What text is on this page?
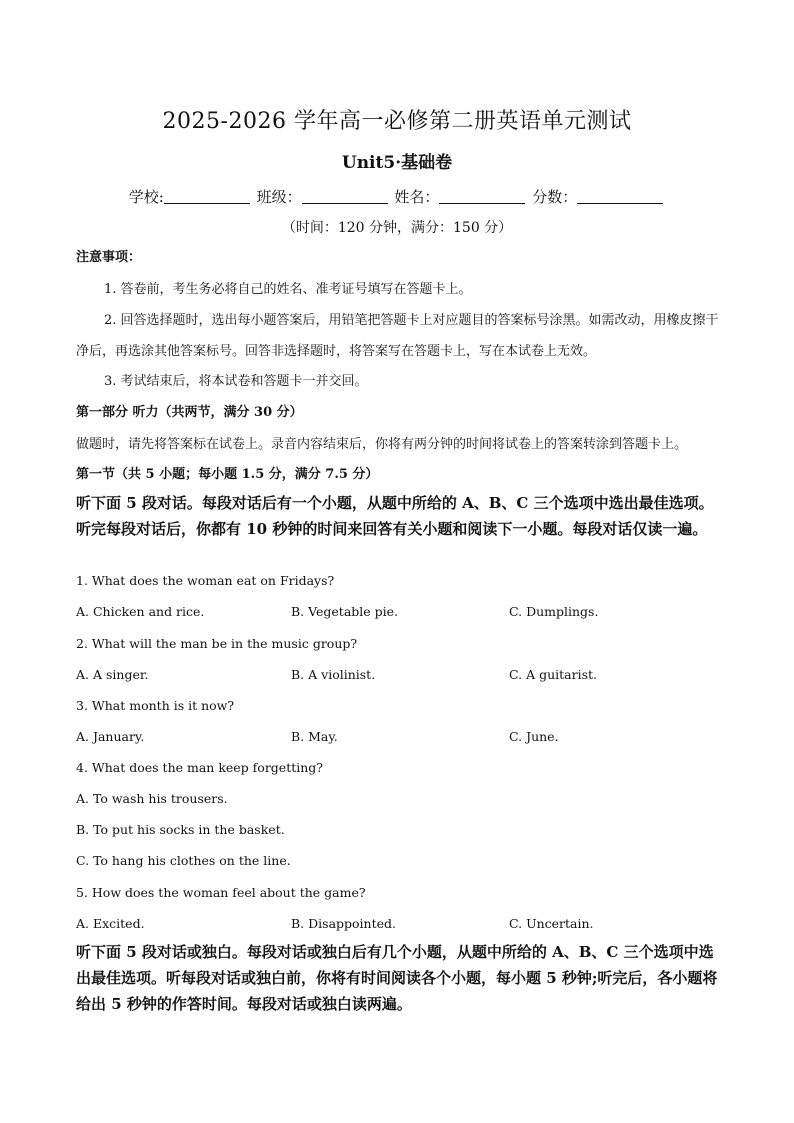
2025-2026 学年高一必修第二册英语单元测试
Unit5·基础卷
学校:	班级：	姓名：	分数：
（时间：120 分钟，满分：150 分）
注意事项：
1. 答卷前，考生务必将自己的姓名、准考证号填写在答题卡上。
2. 回答选择题时，选出每小题答案后，用铅笔把答题卡上对应题目的答案标号涂黑。如需改动，用橡皮擦干净后，再选涂其他答案标号。回答非选择题时，将答案写在答题卡上，写在本试卷上无效。
3. 考试结束后，将本试卷和答题卡一并交回。
第一部分 听力（共两节，满分 30 分）
做题时，请先将答案标在试卷上。录音内容结束后，你将有两分钟的时间将试卷上的答案转涂到答题卡上。
第一节（共 5 小题；每小题 1.5 分，满分 7.5 分）
听下面 5 段对话。每段对话后有一个小题，从题中所给的 A、B、C 三个选项中选出最佳选项。听完每段对话后，你都有 10 秒钟的时间来回答有关小题和阅读下一小题。每段对话仅读一遍。
1. What does the woman eat on Fridays?
A. Chicken and rice.	B. Vegetable pie.	C. Dumplings.
2. What will the man be in the music group?
A. A singer.	B. A violinist.	C. A guitarist.
3. What month is it now?
A. January.	B. May.	C. June.
4. What does the man keep forgetting?
A. To wash his trousers.
B. To put his socks in the basket.
C. To hang his clothes on the line.
5. How does the woman feel about the game?
A. Excited.	B. Disappointed.	C. Uncertain.
听下面 5 段对话或独白。每段对话或独白后有几个小题，从题中所给的 A、B、C 三个选项中选出最佳选项。听每段对话或独白前，你将有时间阅读各个小题，每小题 5 秒钟;听完后，各小题将给出 5 秒钟的作答时间。每段对话或独白读两遍。
